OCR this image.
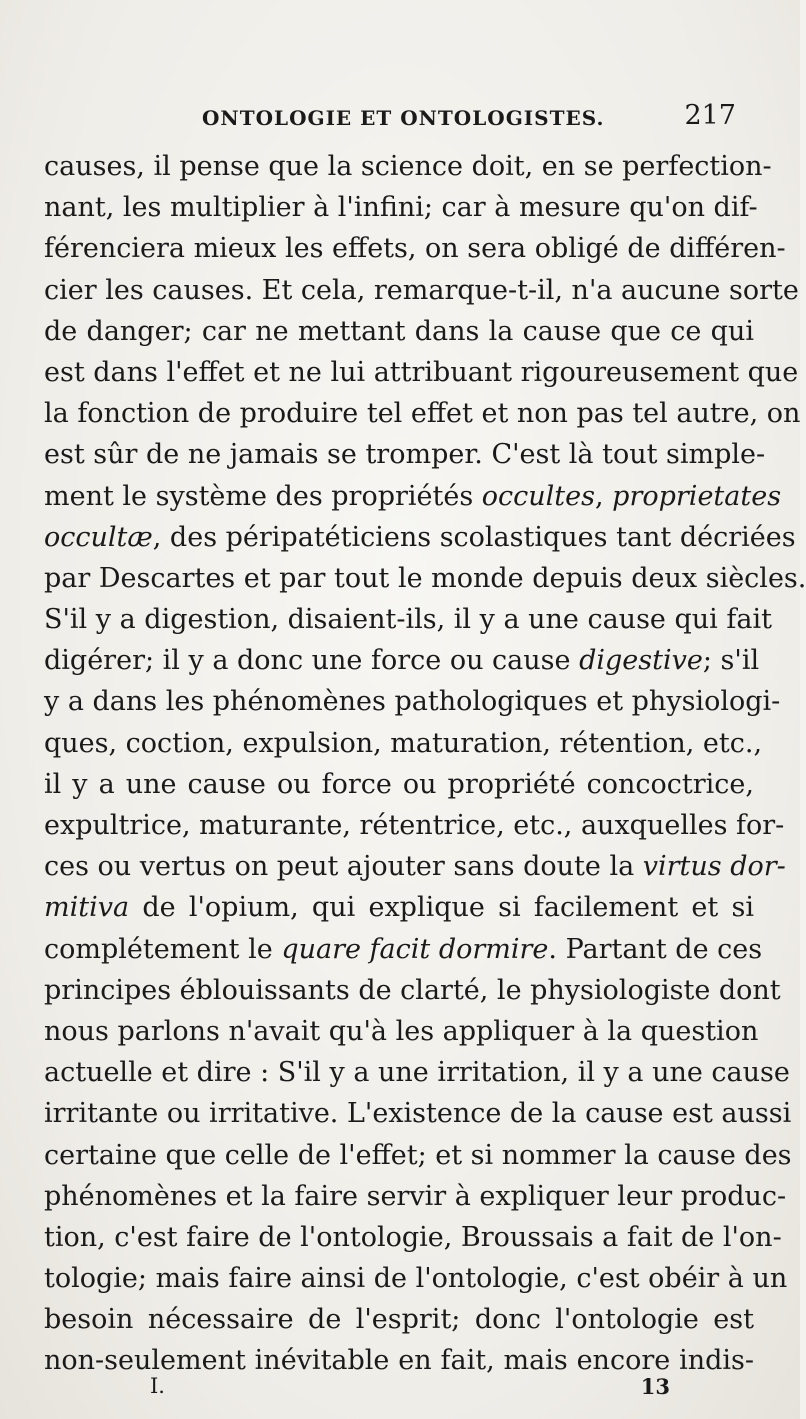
ONTOLOGIE ET ONTOLOGISTES.	217
causes, il pense que la science doit, en se perfection-
nant, les multiplier à l'infini; car à mesure qu'on dif-
férenciera mieux les effets, on sera obligé de différen-
cier les causes. Et cela, remarque-t-il, n'a aucune sorte
de danger; car ne mettant dans la cause que ce qui
est dans l'effet et ne lui attribuant rigoureusement que
la fonction de produire tel effet et non pas tel autre, on
est sûr de ne jamais se tromper. C'est là tout simple-
ment le système des propriétés occultes, proprietates
occultæ, des péripatéticiens scolastiques tant décriées
par Descartes et par tout le monde depuis deux siècles.
S'il y a digestion, disaient-ils, il y a une cause qui fait
digérer; il y a donc une force ou cause digestive; s'il
y a dans les phénomènes pathologiques et physiologi-
ques, coction, expulsion, maturation, rétention, etc.,
il y a une cause ou force ou propriété concoctrice,
expultrice, maturante, rétentrice, etc., auxquelles for-
ces ou vertus on peut ajouter sans doute la virtus dor-
mitiva de l'opium, qui explique si facilement et si
complétement le quare facit dormire. Partant de ces
principes éblouissants de clarté, le physiologiste dont
nous parlons n'avait qu'à les appliquer à la question
actuelle et dire : S'il y a une irritation, il y a une cause
irritante ou irritative. L'existence de la cause est aussi
certaine que celle de l'effet; et si nommer la cause des
phénomènes et la faire servir à expliquer leur produc-
tion, c'est faire de l'ontologie, Broussais a fait de l'on-
tologie; mais faire ainsi de l'ontologie, c'est obéir à un
besoin nécessaire de l'esprit; donc l'ontologie est
non-seulement inévitable en fait, mais encore indis-
I.	13
